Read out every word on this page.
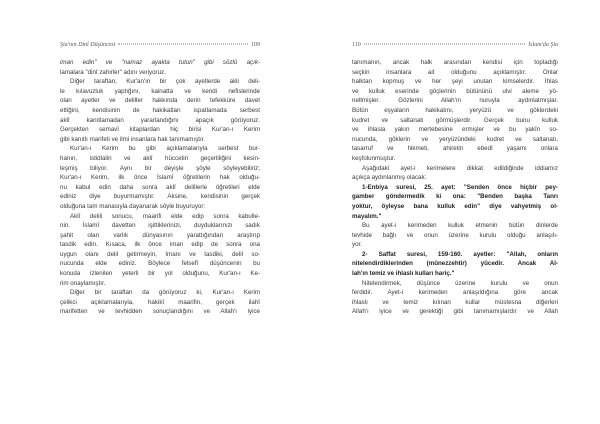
Şia'nın Dinî Düşüncesi	109
iman edin" ve "namaz ayakta tutun" gibi sözlü açık-
lamalara "dinî zahirler" adını veriyoruz.
Diğer taraftan, Kur'an'ın bir çok ayetlerde akli deli-
le kılavuzluk yaptığını, kainatta ve kendi nefislerinde
olan ayetler ve deliller hakkında derin tefekküre davet
ettiğini, kendisinin de hakikatları ispatlamada serbest
aklî kanıtlamadan yararlandığını apaçık görüyoruz.
Gerçekten semavî kitaplardan hiç birisi Kur'an-ı Kerim
gibi kanıtlı marifeti ve ilmi insanlara hak tanımamıştır.
Kur'an-ı Kerim bu gibi açıklamalarıyla serbest bur-
hanın, istidlalin ve aklî hüccetin geçerliliğini kesin-
leşmiş biliyor. Aynı bir deyişle şöyle söyleyebiliriz;
Kur'an-ı Kerim, ilk önce İslamî öğretilerin hak olduğu-
nu kabul edin daha sonra aklî delillerle öğretileri elde
ediniz diye buyurmamıştır. Aksine, kendisinin gerçek
olduğuna tam manasıyla dayanarak söyle buyuruyor:
Aklî delili sonucu, maarifi elde edip sonra kabulle-
nin. İslamî davetten işittiklerinizi, duyduklarınızı sadık
şahit olan varlık dünyasının yarattığından araştırıp
tasdik edin. Kısaca, ilk önce iman edip de sonra ona
uygun olanı delil getirmeyin, îmanı ve tasdiki, delil so-
nucunda elde ediniz. Böylece felsefî düşüncenin bu
konuda izlenilen yeterli bir yol olduğunu, Kur'an-ı Ke-
rim onaylamıştır.
Diğer bir taraftan da görüyoruz ki, Kur'an-ı Kerim
çelikci açıklamalarıyla, hakikî maarifin, gerçek ilahî
marifetten ve tevhidden sonuçlandığını ve Allah'ı iyice
110	İslam'da Şia
tanımanın, ancak halk arasından kendisi için topladığı
seçkin insanlara ait olduğunu açıklamıştır. Onlar
halktan kopmuş ve her şeyi unutan kimselerdir. İhlas
ve kulluk eserinde göçlerinin bütününü ulvi aleme yö-
neltmişler. Gözlerini Allah'ın nuruyla aydınlatmışlar.
Bütün eşyaların hakikatını, yeryüzü ve göklerdeki
kudret ve saltanatı görmüşlerdir. Gerçek bunu kulluk
ve ihlasla yakın mertebesine ermişler ve bu yakîn so-
nucunda, göklerin ve yeryüzündeki kudret ve saltanatı,
tasarruf ve hikmeti, ahiretin ebedî yaşamı onlara
keşfolunmuştur.
Aşağıdaki ayet-i kerimelere dikkat edildiğinde iddiamız
açıkça aydınlanmış olacak:
1-Enbiya suresi, 25. ayet: "Senden önce hiçbir pey-
gamber göndermedik ki ona: "Benden başka Tanrı
yoktur, öyleyse bana kulluk edin" diye vahyetmiş ol-
mayalım."
Bu ayet-i kerimeden kulluk etmenin bütün dinlerde
tevhide bağlı ve onun üzerine kurulu olduğu anlaşılı-
yor.
2- Saffat suresi, 159-160. ayetler: "Allah, onların
nitelendirdiklerinden (münezzehtir) yücedir. Ancak Al-
lah'ın temiz ve ihlaslı kulları hariç."
Nitelendirmek, düşünce üzerine kurulu ve onun
ferdidir. Ayet-i kerimeden anlaşıldığına göre ancak
ihlaslı ve temiz kılınan kullar müstesna diğerleri
Allah'ı iyice ve gerektiği gibi tanımamışlardır ve Allah
